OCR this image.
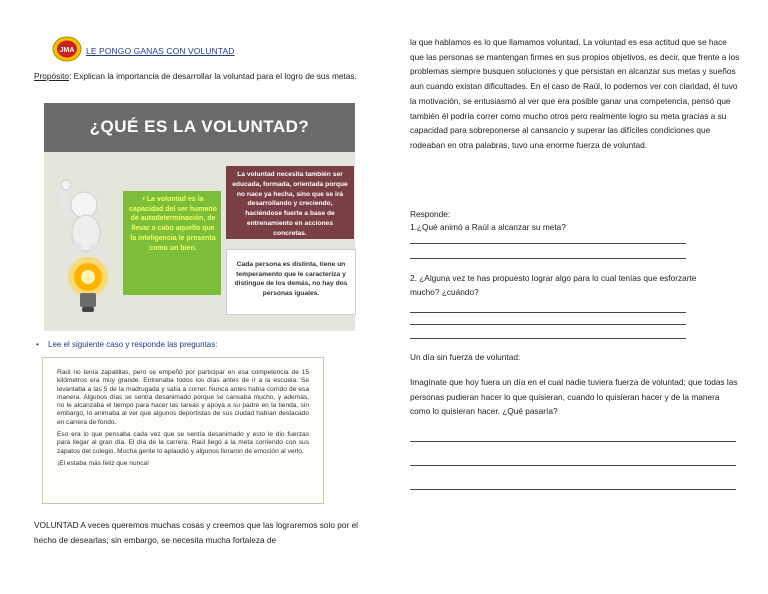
JMA LE PONGO GANAS CON VOLUNTAD
Propósito: Explican la importancia de desarrollar la voluntad para el logro de sus metas.
¿QUÉ ES LA VOLUNTAD?
• La voluntad es la capacidad del ser humano de autodeterminación, de llevar a cabo aquello que la inteligencia le presenta como un bien.
La voluntad necesita también ser educada, formada, orientada porque no nace ya hecha, sino que se irá desarrollando y creciendo, haciéndose fuerte a base de entrenamiento en acciones concretas.
Cada persona es distinta, tiene un temperamento que le caracteriza y distingue de los demás, no hay dos personas iguales.
• Lee el siguiente caso y responde las preguntas:

Raúl no tenía zapatillas, pero se empeñó por participar en esa competencia de 15 kilómetros era muy grande. Entrenaba todos los días antes de ir a la escuela. Se levantaba a las 5 de la madrugada y salía a correr. Nunca antes había corrido de esa manera. Algunos días se sentía desanimado porque se cansaba mucho, y además, no le alcanzaba el tiempo para hacer las tareas y apoya a su padre en la tienda, sin embargo, lo animaba al ver que algunos deportistas de sus ciudad habían destacado en carrera de fondo.

Eso era lo que pensaba cada vez que se sentía desanimado y esto le dio fuerzas para llegar al gran día. El día de la carrera, Raúl llegó a la meta corriendo con sus zapatos del colegio. Mucha gente lo aplaudió y algunos lloraron de emoción al verlo.

¡El estaba más feliz que nunca!

VOLUNTAD A veces queremos muchas cosas y creemos que las lograremos solo por el hecho de desearlas; sin embargo, se necesita mucha fortaleza de
la que hablamos es lo que llamamos voluntad. La voluntad es esa actitud que se hace que las personas se mantengan firmes en sus propios objetivos, es decir, que frente a los problemas siempre busquen soluciones y que persistan en alcanzar sus metas y sueños aun cuando existan dificultades. En el caso de Raúl, lo podemos ver con claridad, él tuvo la motivación, se entusiasmó al ver que era posible ganar una competencia, pensó que también él podría correr como mucho otros pero realmente logro su meta gracias a su capacidad para sobreponerse al cansancio y superar las difíciles condiciones que rodeaban en otra palabras, tuvo una enorme fuerza de voluntad.
Responde:
1.¿Qué animó a Raúl a alcanzar su meta?
2. ¿Alguna vez te has propuesto lograr algo para lo cual tenías que esforzarte mucho? ¿cuándo?
Un día sin fuerza de voluntad:
Imagínate que hoy fuera un día en el cual nadie tuviera fuerza de voluntad; que todas las personas pudieran hacer lo que quisieran, cuando lo quisieran hacer y de la manera como lo quisieran hacer. ¿Qué pasaría?
